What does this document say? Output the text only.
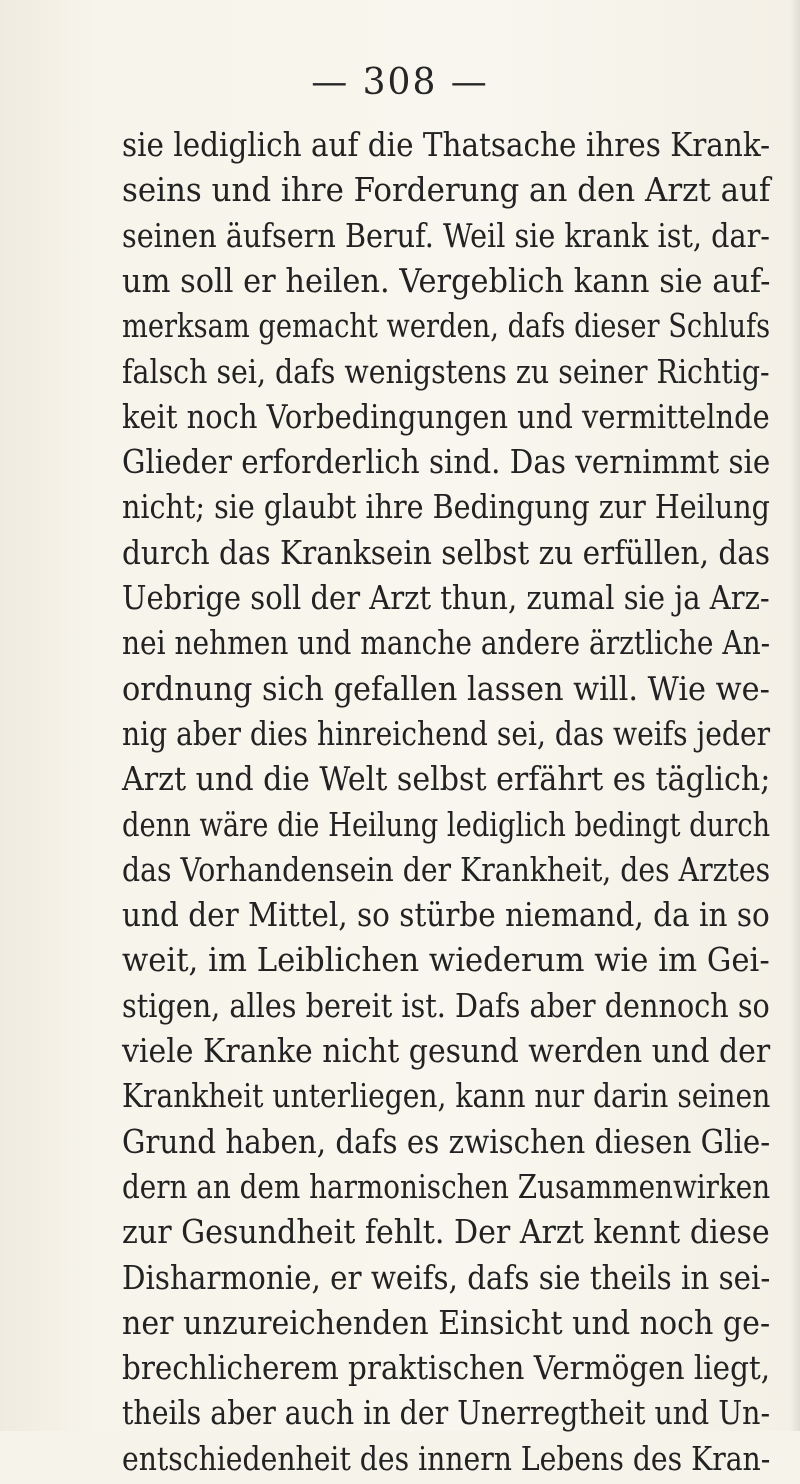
— 308 —
sie lediglich auf die Thatsache ihres Krank-
seins und ihre Forderung an den Arzt auf
seinen äufsern Beruf. Weil sie krank ist, dar-
um soll er heilen. Vergeblich kann sie auf-
merksam gemacht werden, dafs dieser Schlufs
falsch sei, dafs wenigstens zu seiner Richtig-
keit noch Vorbedingungen und vermittelnde
Glieder erforderlich sind. Das vernimmt sie
nicht; sie glaubt ihre Bedingung zur Heilung
durch das Kranksein selbst zu erfüllen, das
Uebrige soll der Arzt thun, zumal sie ja Arz-
nei nehmen und manche andere ärztliche An-
ordnung sich gefallen lassen will. Wie we-
nig aber dies hinreichend sei, das weifs jeder
Arzt und die Welt selbst erfährt es täglich;
denn wäre die Heilung lediglich bedingt durch
das Vorhandensein der Krankheit, des Arztes
und der Mittel, so stürbe niemand, da in so
weit, im Leiblichen wiederum wie im Gei-
stigen, alles bereit ist. Dafs aber dennoch so
viele Kranke nicht gesund werden und der
Krankheit unterliegen, kann nur darin seinen
Grund haben, dafs es zwischen diesen Glie-
dern an dem harmonischen Zusammenwirken
zur Gesundheit fehlt. Der Arzt kennt diese
Disharmonie, er weifs, dafs sie theils in sei-
ner unzureichenden Einsicht und noch ge-
brechlicherem praktischen Vermögen liegt,
theils aber auch in der Unerregtheit und Un-
entschiedenheit des innern Lebens des Kran-
